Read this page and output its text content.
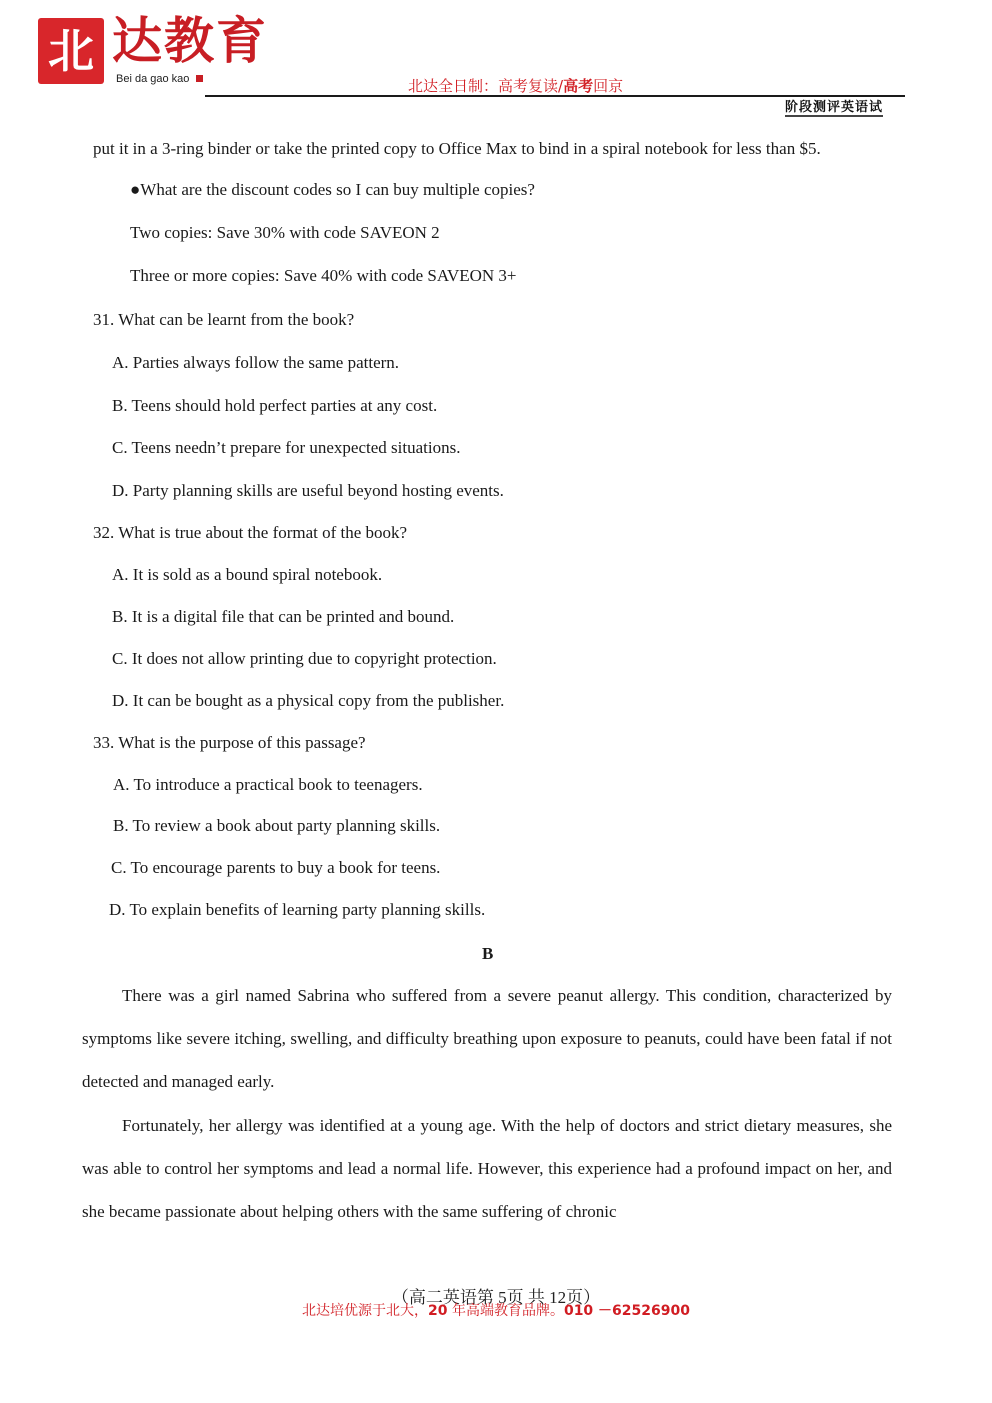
北 达教育
Bei da gao kao	北达全日制：高考复读/高考回京
阶段测评英语试
put it in a 3-ring binder or take the printed copy to Office Max to bind in a spiral notebook for less than $5.
●What are the discount codes so I can buy multiple copies?
Two copies: Save 30% with code SAVEON 2
Three or more copies: Save 40% with code SAVEON 3+
31. What can be learnt from the book?
A. Parties always follow the same pattern.
B. Teens should hold perfect parties at any cost.
C. Teens needn’t prepare for unexpected situations.
D. Party planning skills are useful beyond hosting events.
32. What is true about the format of the book?
A. It is sold as a bound spiral notebook.
B. It is a digital file that can be printed and bound.
C. It does not allow printing due to copyright protection.
D. It can be bought as a physical copy from the publisher.
33. What is the purpose of this passage?
A. To introduce a practical book to teenagers.
B. To review a book about party planning skills.
C. To encourage parents to buy a book for teens.
D. To explain benefits of learning party planning skills.
B
There was a girl named Sabrina who suffered from a severe peanut allergy. This condition, characterized by symptoms like severe itching, swelling, and difficulty breathing upon exposure to peanuts, could have been fatal if not detected and managed early.
Fortunately, her allergy was identified at a young age. With the help of doctors and strict dietary measures, she was able to control her symptoms and lead a normal life. However, this experience had a profound impact on her, and she became passionate about helping others with the same suffering of chronic
（高二英语第 5页 共 12页）
北达培优源于北大，20 年高端教育品牌。010 －62526900
